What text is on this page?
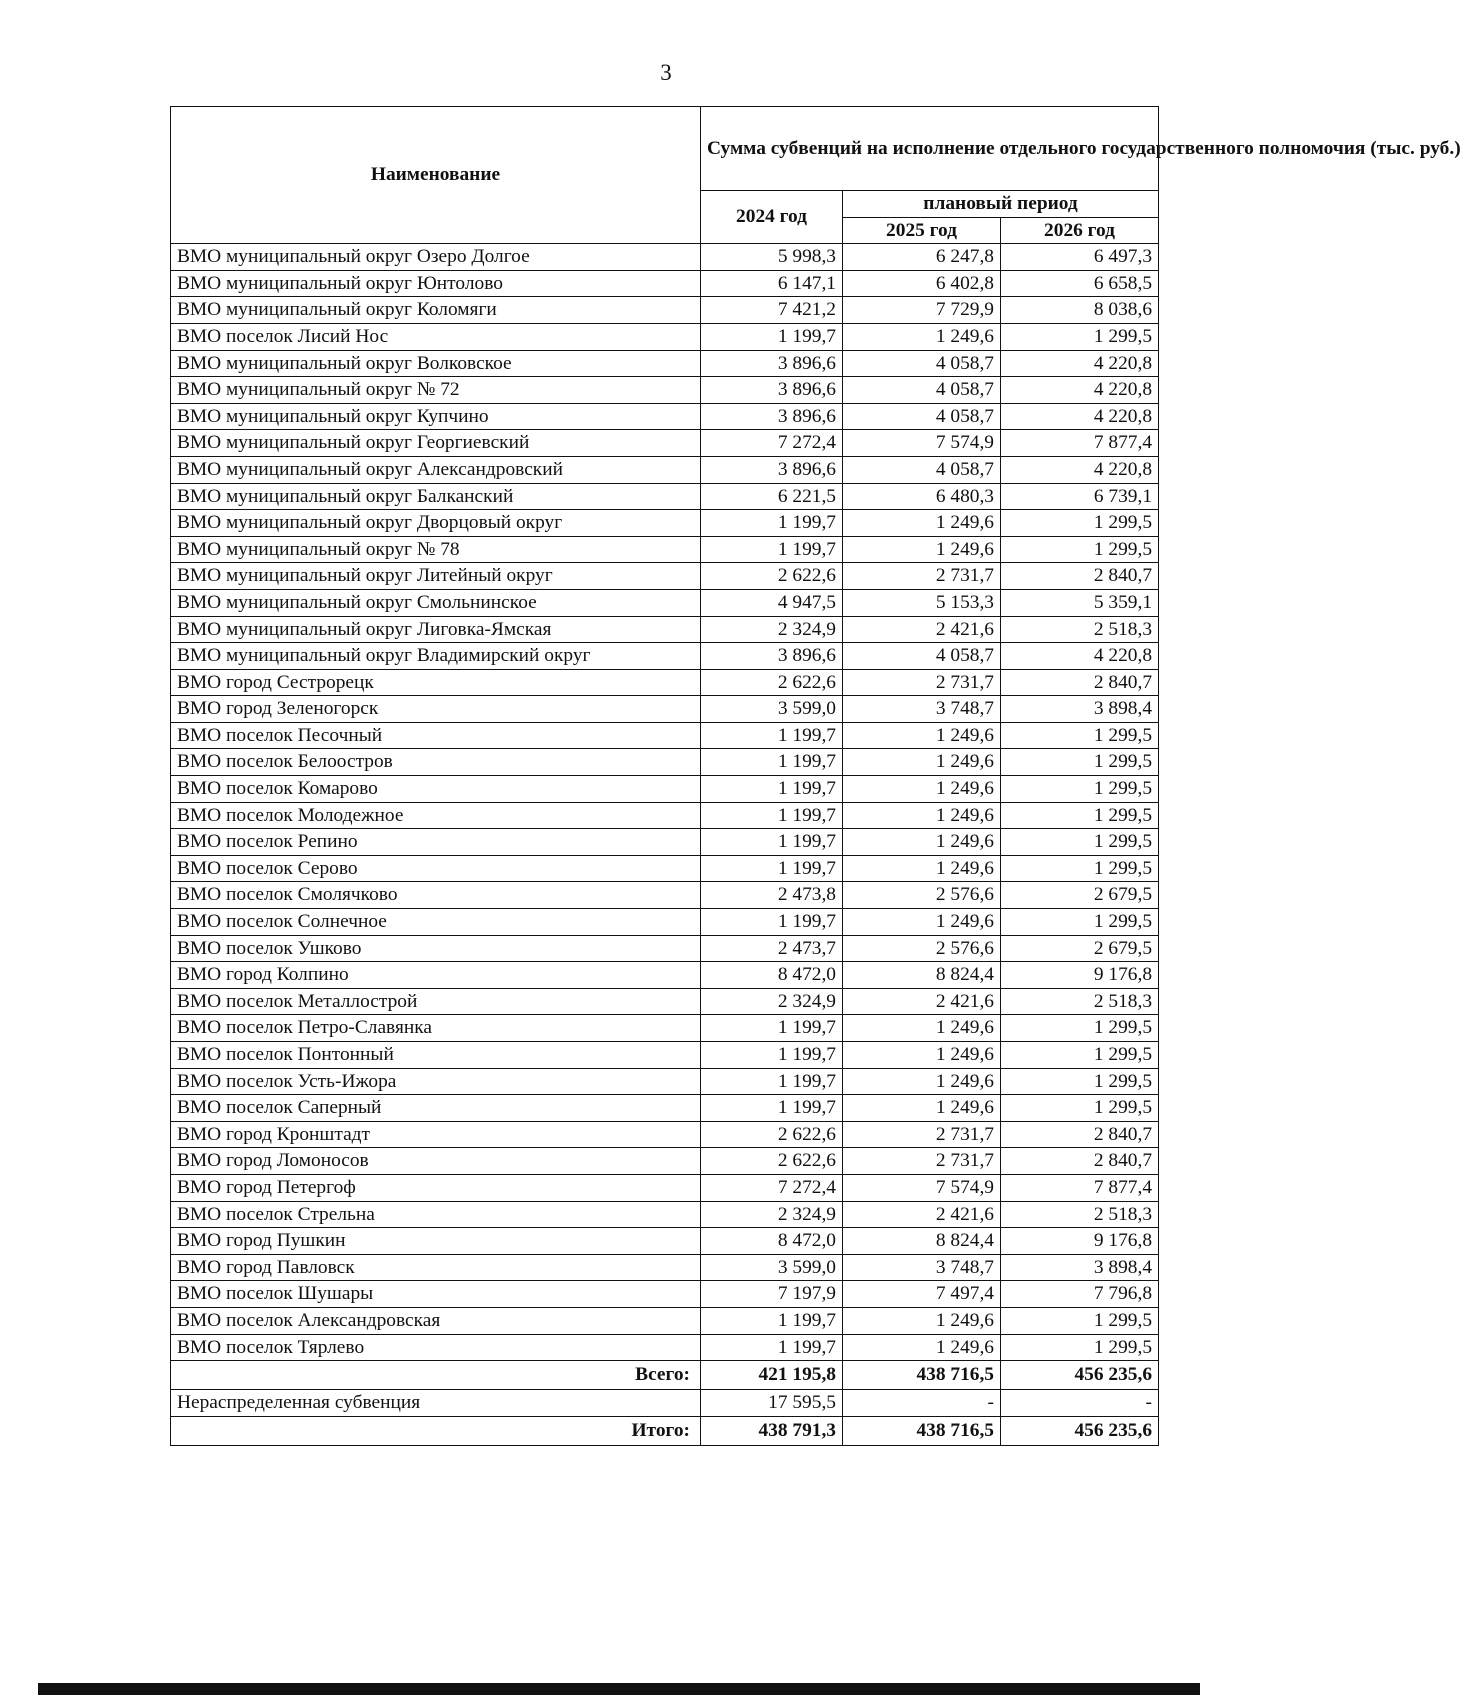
3
Наименование	Сумма субвенций на исполнение отдельного государственного полномочия (тыс. руб.)		
	2024 год	плановый период	
		2025 год	2026 год
ВМО муниципальный округ Озеро Долгое	5 998,3	6 247,8	6 497,3
ВМО муниципальный округ Юнтолово	6 147,1	6 402,8	6 658,5
ВМО муниципальный округ Коломяги	7 421,2	7 729,9	8 038,6
ВМО поселок Лисий Нос	1 199,7	1 249,6	1 299,5
ВМО муниципальный округ Волковское	3 896,6	4 058,7	4 220,8
ВМО муниципальный округ № 72	3 896,6	4 058,7	4 220,8
ВМО муниципальный округ Купчино	3 896,6	4 058,7	4 220,8
ВМО муниципальный округ Георгиевский	7 272,4	7 574,9	7 877,4
ВМО муниципальный округ Александровский	3 896,6	4 058,7	4 220,8
ВМО муниципальный округ Балканский	6 221,5	6 480,3	6 739,1
ВМО муниципальный округ Дворцовый округ	1 199,7	1 249,6	1 299,5
ВМО муниципальный округ № 78	1 199,7	1 249,6	1 299,5
ВМО муниципальный округ Литейный округ	2 622,6	2 731,7	2 840,7
ВМО муниципальный округ Смольнинское	4 947,5	5 153,3	5 359,1
ВМО муниципальный округ Лиговка-Ямская	2 324,9	2 421,6	2 518,3
ВМО муниципальный округ Владимирский округ	3 896,6	4 058,7	4 220,8
ВМО город Сестрорецк	2 622,6	2 731,7	2 840,7
ВМО город Зеленогорск	3 599,0	3 748,7	3 898,4
ВМО поселок Песочный	1 199,7	1 249,6	1 299,5
ВМО поселок Белоостров	1 199,7	1 249,6	1 299,5
ВМО поселок Комарово	1 199,7	1 249,6	1 299,5
ВМО поселок Молодежное	1 199,7	1 249,6	1 299,5
ВМО поселок Репино	1 199,7	1 249,6	1 299,5
ВМО поселок Серово	1 199,7	1 249,6	1 299,5
ВМО поселок Смолячково	2 473,8	2 576,6	2 679,5
ВМО поселок Солнечное	1 199,7	1 249,6	1 299,5
ВМО поселок Ушково	2 473,7	2 576,6	2 679,5
ВМО город Колпино	8 472,0	8 824,4	9 176,8
ВМО поселок Металлострой	2 324,9	2 421,6	2 518,3
ВМО поселок Петро-Славянка	1 199,7	1 249,6	1 299,5
ВМО поселок Понтонный	1 199,7	1 249,6	1 299,5
ВМО поселок Усть-Ижора	1 199,7	1 249,6	1 299,5
ВМО поселок Саперный	1 199,7	1 249,6	1 299,5
ВМО город Кронштадт	2 622,6	2 731,7	2 840,7
ВМО город Ломоносов	2 622,6	2 731,7	2 840,7
ВМО город Петергоф	7 272,4	7 574,9	7 877,4
ВМО поселок Стрельна	2 324,9	2 421,6	2 518,3
ВМО город Пушкин	8 472,0	8 824,4	9 176,8
ВМО город Павловск	3 599,0	3 748,7	3 898,4
ВМО поселок Шушары	7 197,9	7 497,4	7 796,8
ВМО поселок Александровская	1 199,7	1 249,6	1 299,5
ВМО поселок Тярлево	1 199,7	1 249,6	1 299,5
Всего:	421 195,8	438 716,5	456 235,6
Нераспределенная субвенция	17 595,5	-	-
Итого:	438 791,3	438 716,5	456 235,6
